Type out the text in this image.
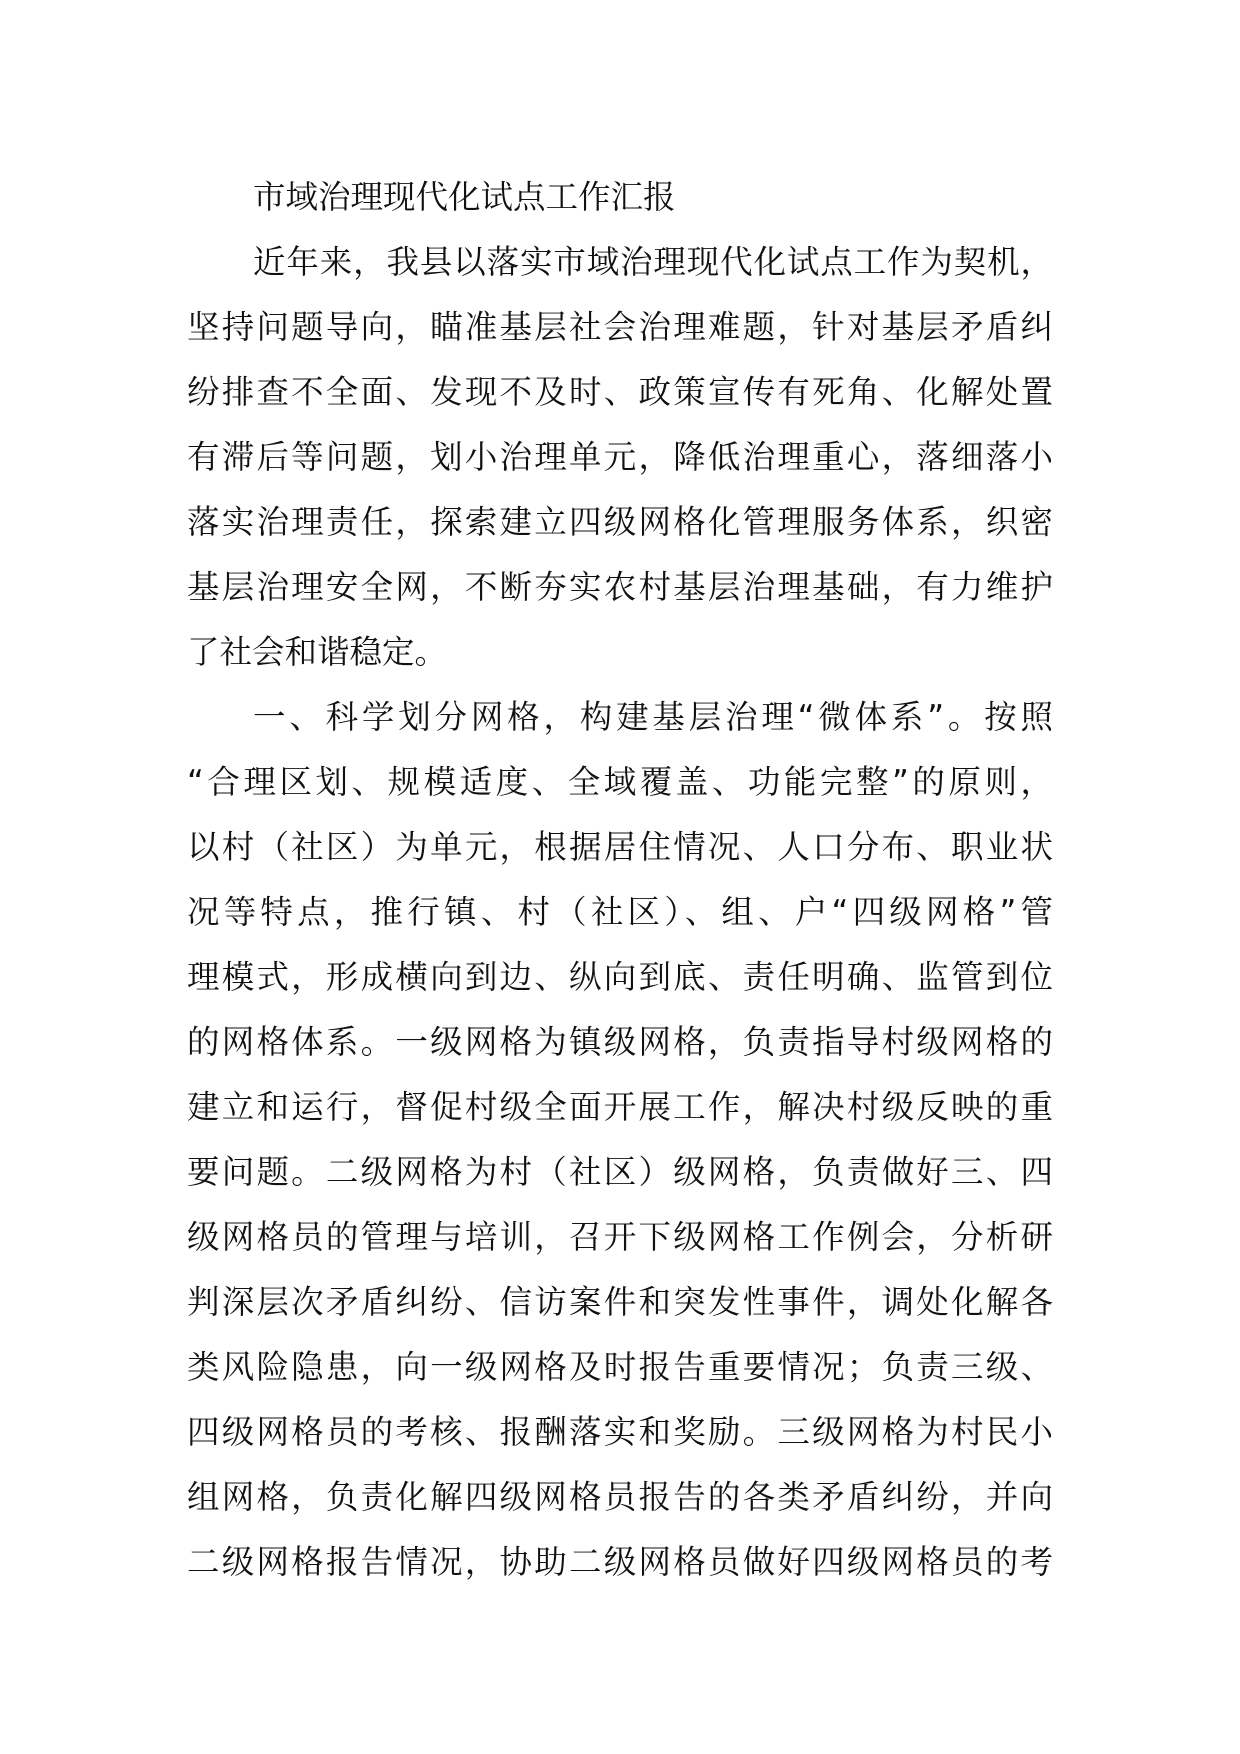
市域治理现代化试点工作汇报
近年来，我县以落实市域治理现代化试点工作为契机，
坚持问题导向，瞄准基层社会治理难题，针对基层矛盾纠
纷排查不全面、发现不及时、政策宣传有死角、化解处置
有滞后等问题，划小治理单元，降低治理重心，落细落小
落实治理责任，探索建立四级网格化管理服务体系，织密
基层治理安全网，不断夯实农村基层治理基础，有力维护
了社会和谐稳定。
一、科学划分网格，构建基层治理“微体系”。按照
“合理区划、规模适度、全域覆盖、功能完整”的原则，
以村（社区）为单元，根据居住情况、人口分布、职业状
况等特点，推行镇、村（社区）、组、户“四级网格”管
理模式，形成横向到边、纵向到底、责任明确、监管到位
的网格体系。一级网格为镇级网格，负责指导村级网格的
建立和运行，督促村级全面开展工作，解决村级反映的重
要问题。二级网格为村（社区）级网格，负责做好三、四
级网格员的管理与培训，召开下级网格工作例会，分析研
判深层次矛盾纠纷、信访案件和突发性事件，调处化解各
类风险隐患，向一级网格及时报告重要情况；负责三级、
四级网格员的考核、报酬落实和奖励。三级网格为村民小
组网格，负责化解四级网格员报告的各类矛盾纠纷，并向
二级网格报告情况，协助二级网格员做好四级网格员的考
